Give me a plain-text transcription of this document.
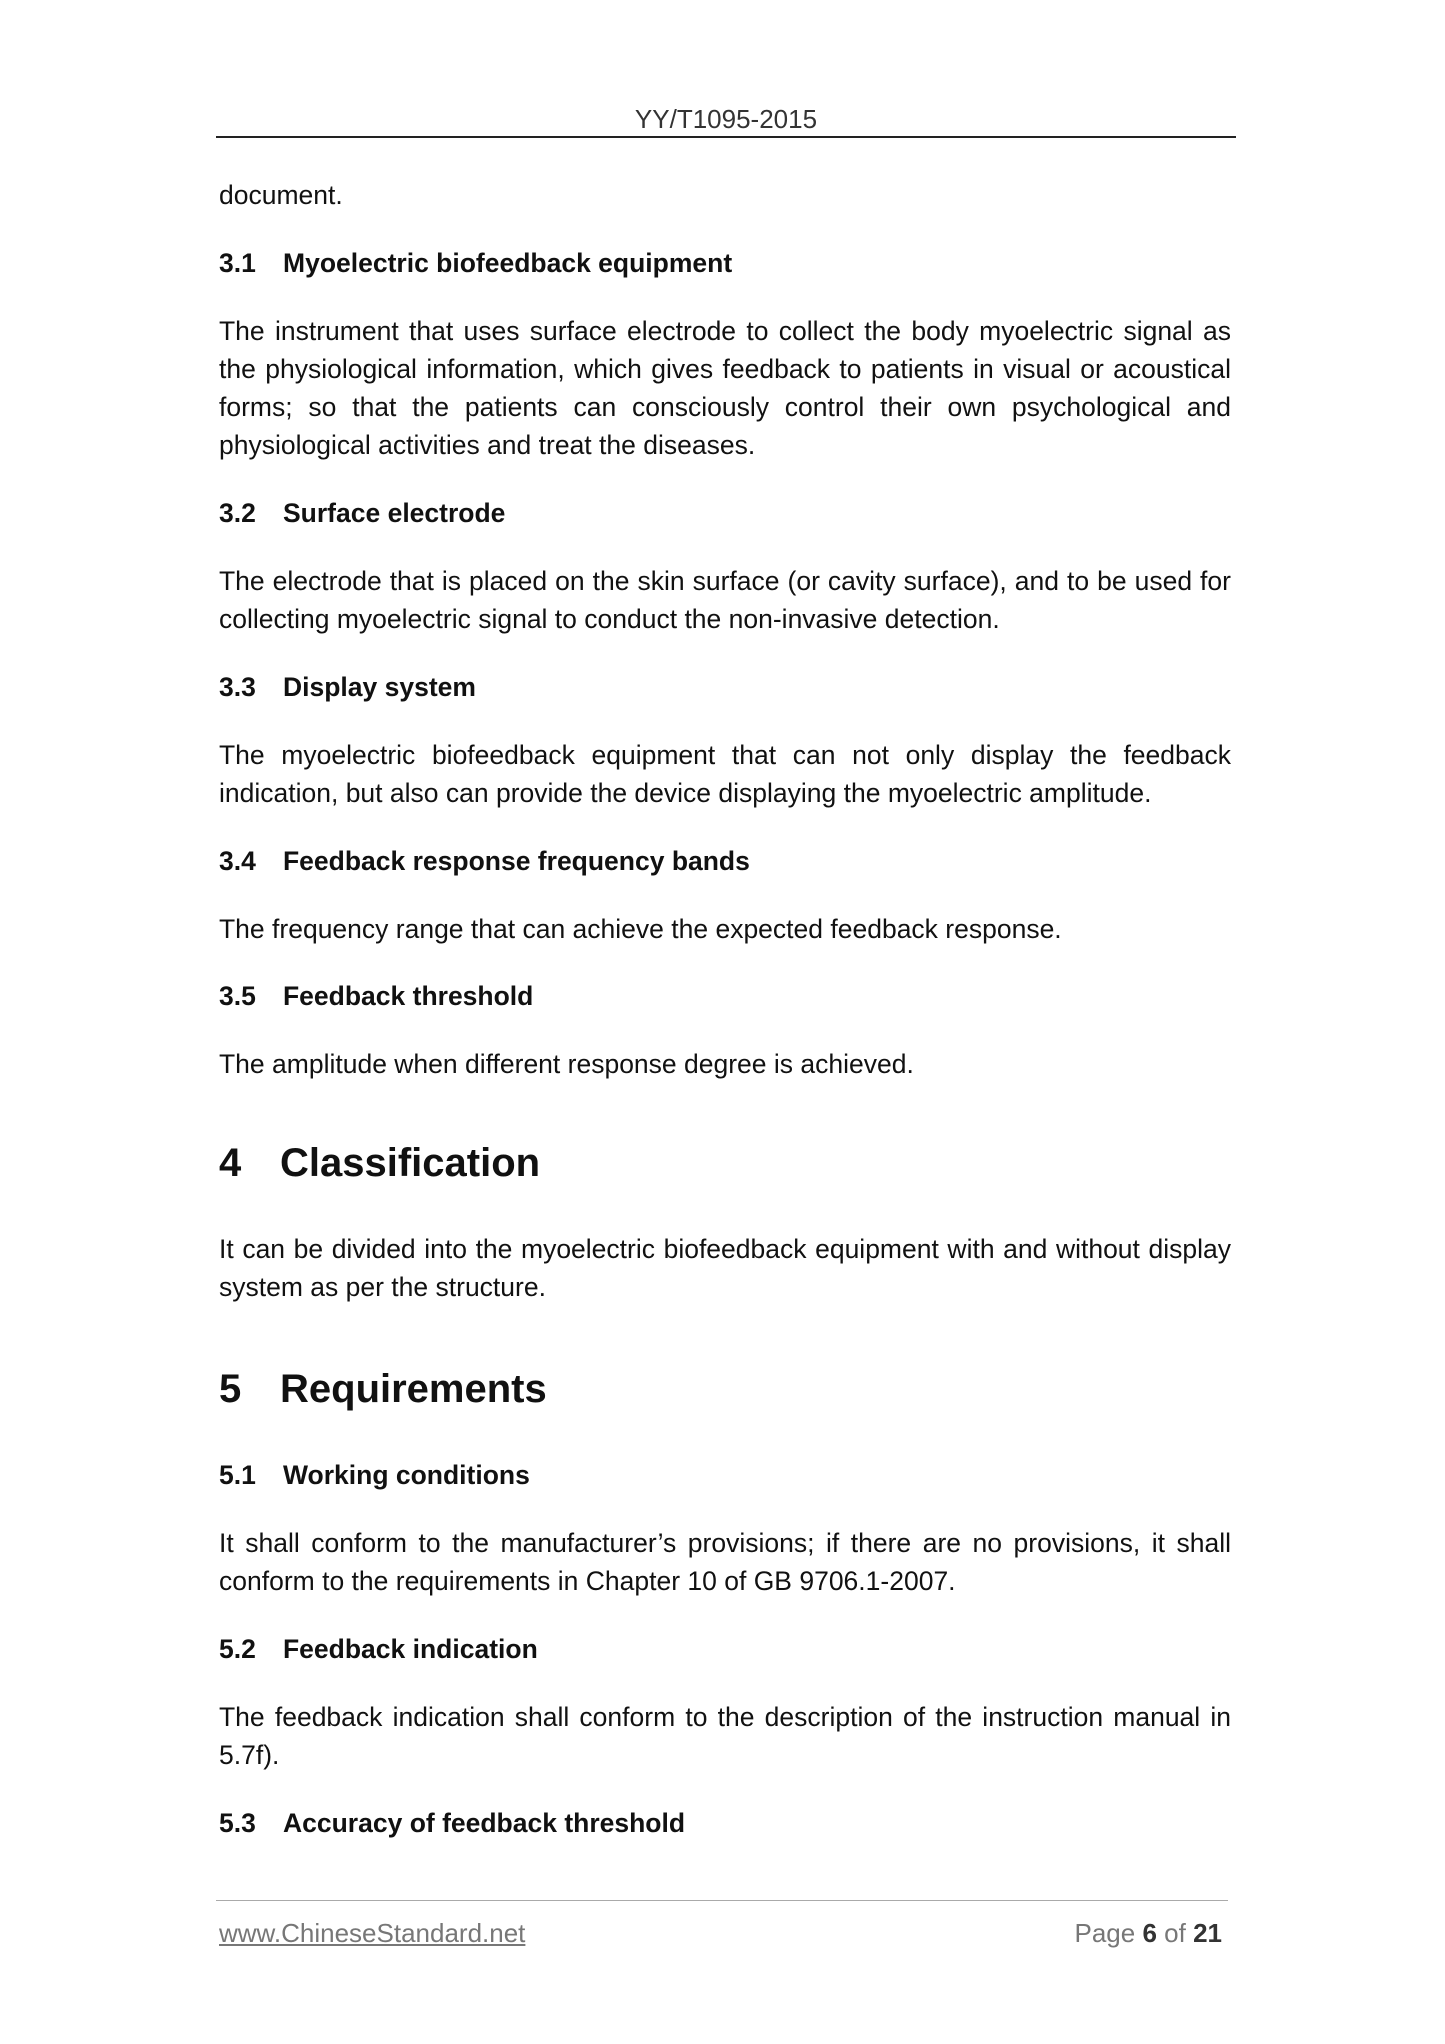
YY/T1095-2015

document.

3.1 Myoelectric biofeedback equipment

The instrument that uses surface electrode to collect the body myoelectric signal as the physiological information, which gives feedback to patients in visual or acoustical forms; so that the patients can consciously control their own psychological and physiological activities and treat the diseases.

3.2 Surface electrode

The electrode that is placed on the skin surface (or cavity surface), and to be used for collecting myoelectric signal to conduct the non-invasive detection.

3.3 Display system

The myoelectric biofeedback equipment that can not only display the feedback indication, but also can provide the device displaying the myoelectric amplitude.

3.4 Feedback response frequency bands

The frequency range that can achieve the expected feedback response.

3.5 Feedback threshold

The amplitude when different response degree is achieved.

4 Classification

It can be divided into the myoelectric biofeedback equipment with and without display system as per the structure.

5 Requirements
5.1 Working conditions

It shall conform to the manufacturer’s provisions; if there are no provisions, it shall conform to the requirements in Chapter 10 of GB 9706.1-2007.

5.2 Feedback indication

The feedback indication shall conform to the description of the instruction manual in 5.7f).

5.3 Accuracy of feedback threshold
www.ChineseStandard.net	Page 6 of 21
